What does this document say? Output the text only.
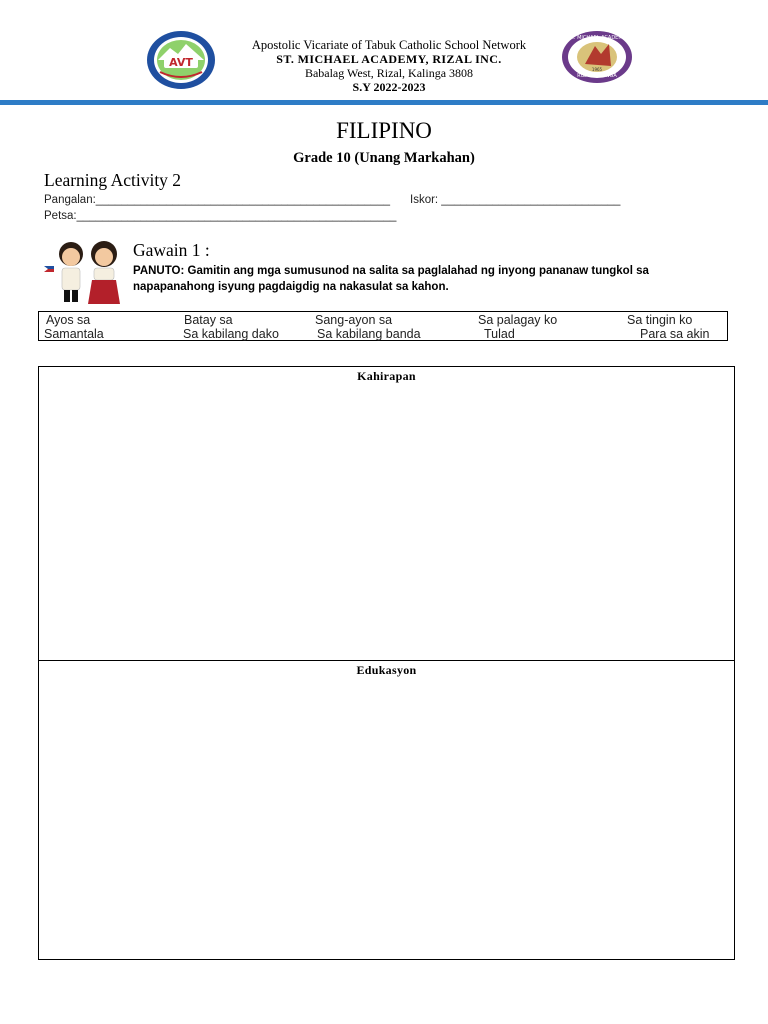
AVT
Apostolic Vicariate of Tabuk Catholic School Network
ST. MICHAEL ACADEMY, RIZAL INC.
Babalag West, Rizal, Kalinga 3808
S.Y 2022-2023
ST. MICHAEL ACADEMY
RIZAL, KALINGA
1965
FILIPINO
Grade 10 (Unang Markahan)
Learning Activity 2
Pangalan:______________________________________________ Iskor: ____________________________
Petsa:__________________________________________________
Gawain 1 :
PANUTO: Gamitin ang mga sumusunod na salita sa paglalahad ng inyong pananaw tungkol sa napapanahong isyung pagdaigdig na nakasulat sa kahon.
Ayos sa	Batay sa	Sang-ayon sa	Sa palagay ko	Sa tingin ko
Samantala	Sa kabilang dako	Sa kabilang banda	Tulad	Para sa akin
Kahirapan
Edukasyon
